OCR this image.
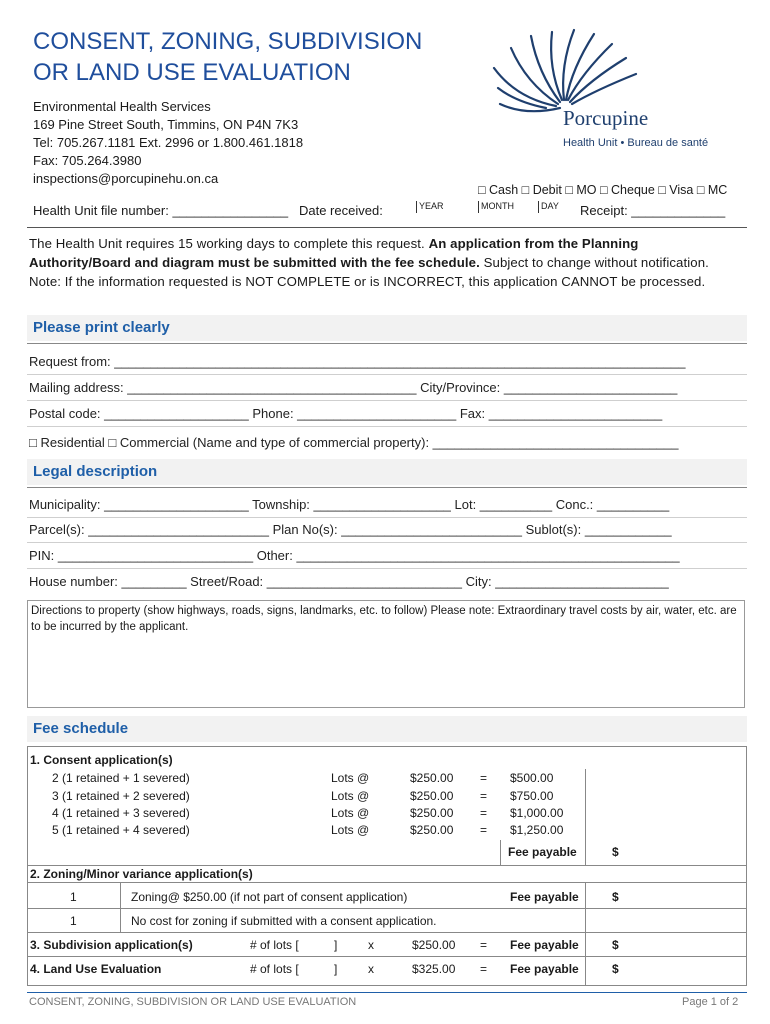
CONSENT, ZONING, SUBDIVISION
OR LAND USE EVALUATION
Environmental Health Services
169 Pine Street South, Timmins, ON P4N 7K3
Tel: 705.267.1181 Ext. 2996 or 1.800.461.1818
Fax: 705.264.3980
inspections@porcupinehu.on.ca
Porcupine
Health Unit • Bureau de santé
□ Cash □ Debit □ MO □ Cheque □ Visa □ MC
Health Unit file number: ________________ Date received:	YEAR	MONTH	DAY Receipt: _____________
The Health Unit requires 15 working days to complete this request. An application from the Planning Authority/Board and diagram must be submitted with the fee schedule. Subject to change without notification. Note: If the information requested is NOT COMPLETE or is INCORRECT, this application CANNOT be processed.
Please print clearly
Request from: _______________________________________________________________________________
Mailing address: ________________________________________ City/Province: ________________________
Postal code: ____________________ Phone: ______________________ Fax: ________________________
□ Residential □ Commercial (Name and type of commercial property): __________________________________
Legal description
Municipality: ____________________ Township: ___________________ Lot: __________ Conc.: __________
Parcel(s): _________________________ Plan No(s): _________________________ Sublot(s): ____________
PIN: ___________________________ Other: _____________________________________________________
House number: _________ Street/Road: ___________________________ City: ________________________
Directions to property (show highways, roads, signs, landmarks, etc. to follow) Please note: Extraordinary travel costs by air, water, etc. are to be incurred by the applicant.
Fee schedule
1. Consent application(s)
2 (1 retained + 1 severed)	Lots @	$250.00 = $500.00
3 (1 retained + 2 severed)	Lots @	$250.00 = $750.00
4 (1 retained + 3 severed)	Lots @	$250.00 = $1,000.00
5 (1 retained + 4 severed)	Lots @	$250.00 = $1,250.00
Fee payable	$
2. Zoning/Minor variance application(s)
1	Zoning@ $250.00 (if not part of consent application)	Fee payable	$
1	No cost for zoning if submitted with a consent application.
3. Subdivision application(s)	# of lots [	]	x	$250.00 = Fee payable	$
4. Land Use Evaluation	# of lots [	]	x	$325.00 = Fee payable	$
CONSENT, ZONING, SUBDIVISION OR LAND USE EVALUATION	Page 1 of 2
